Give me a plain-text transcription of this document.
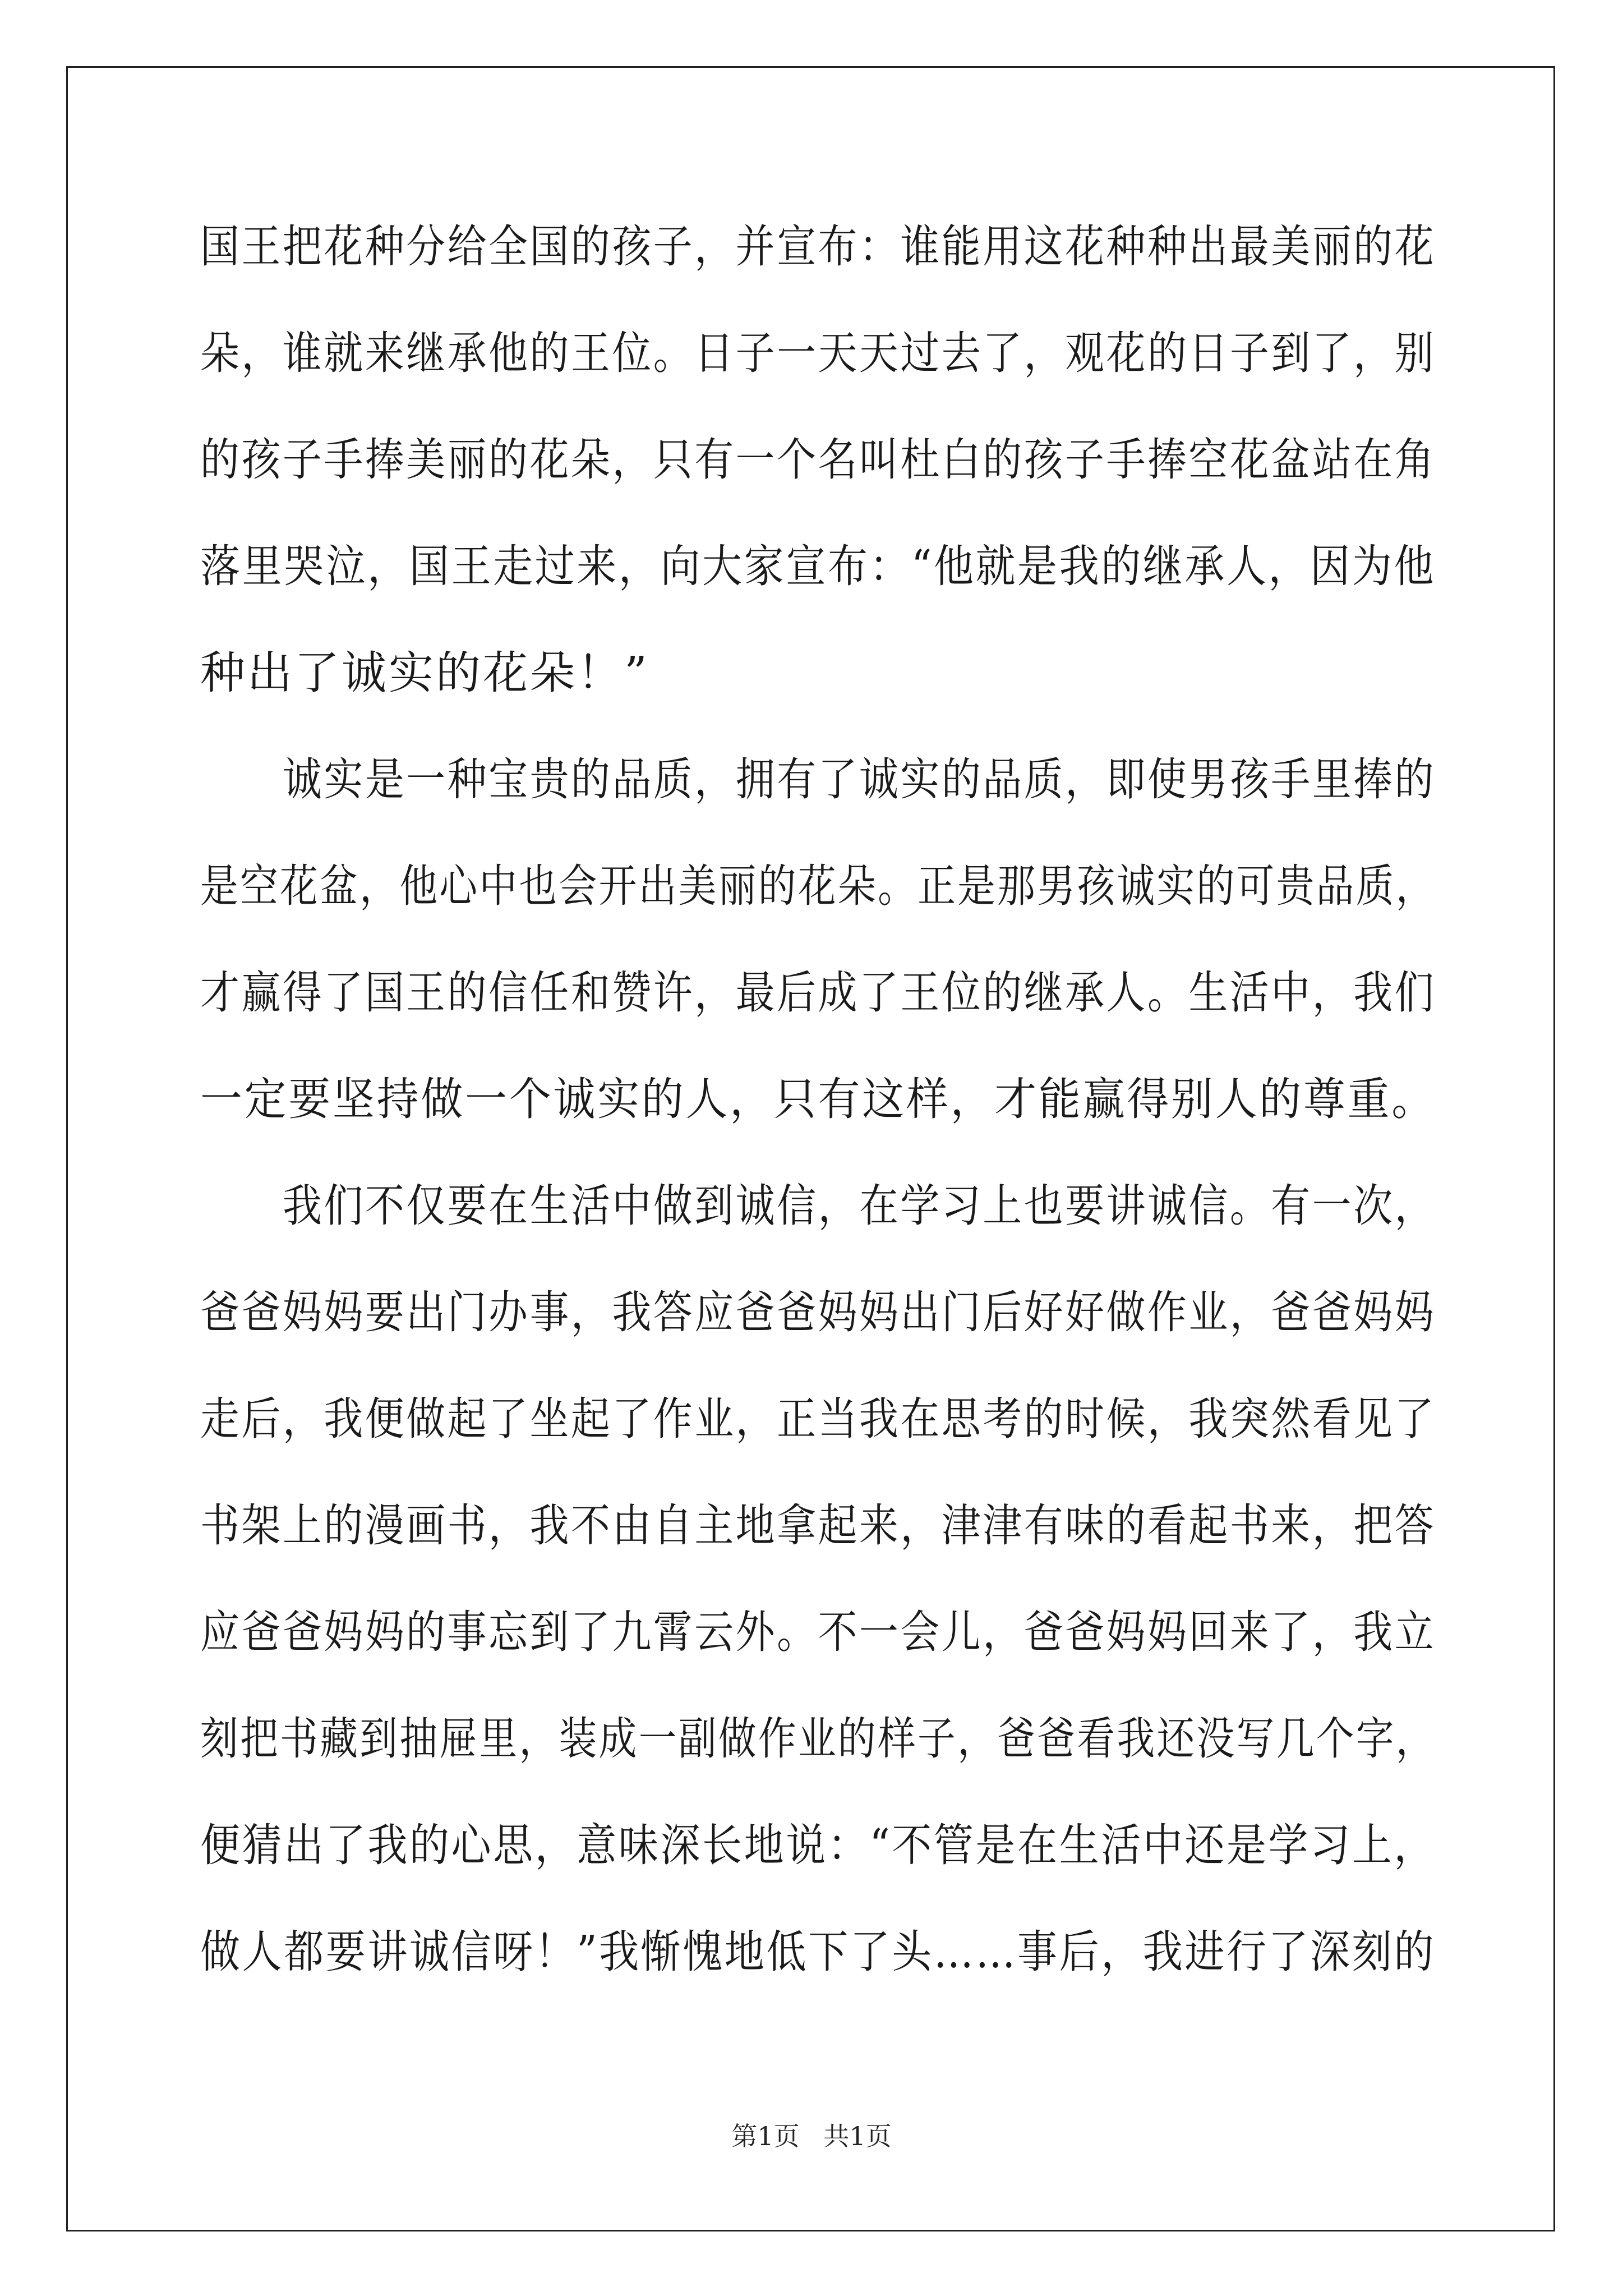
国王把花种分给全国的孩子，并宣布：谁能用这花种种出最美丽的花
朵，谁就来继承他的王位。日子一天天过去了，观花的日子到了，别
的孩子手捧美丽的花朵，只有一个名叫杜白的孩子手捧空花盆站在角
落里哭泣，国王走过来，向大家宣布：“他就是我的继承人，因为他
种出了诚实的花朵！”
诚实是一种宝贵的品质，拥有了诚实的品质，即使男孩手里捧的
是空花盆，他心中也会开出美丽的花朵。正是那男孩诚实的可贵品质，
才赢得了国王的信任和赞许，最后成了王位的继承人。生活中，我们
一定要坚持做一个诚实的人，只有这样，才能赢得别人的尊重。
我们不仅要在生活中做到诚信，在学习上也要讲诚信。有一次，
爸爸妈妈要出门办事，我答应爸爸妈妈出门后好好做作业，爸爸妈妈
走后，我便做起了坐起了作业，正当我在思考的时候，我突然看见了
书架上的漫画书，我不由自主地拿起来，津津有味的看起书来，把答
应爸爸妈妈的事忘到了九霄云外。不一会儿，爸爸妈妈回来了，我立
刻把书藏到抽屉里，装成一副做作业的样子，爸爸看我还没写几个字，
便猜出了我的心思，意味深长地说：“不管是在生活中还是学习上，
做人都要讲诚信呀！”我惭愧地低下了头……事后，我进行了深刻的
第1页 共1页
